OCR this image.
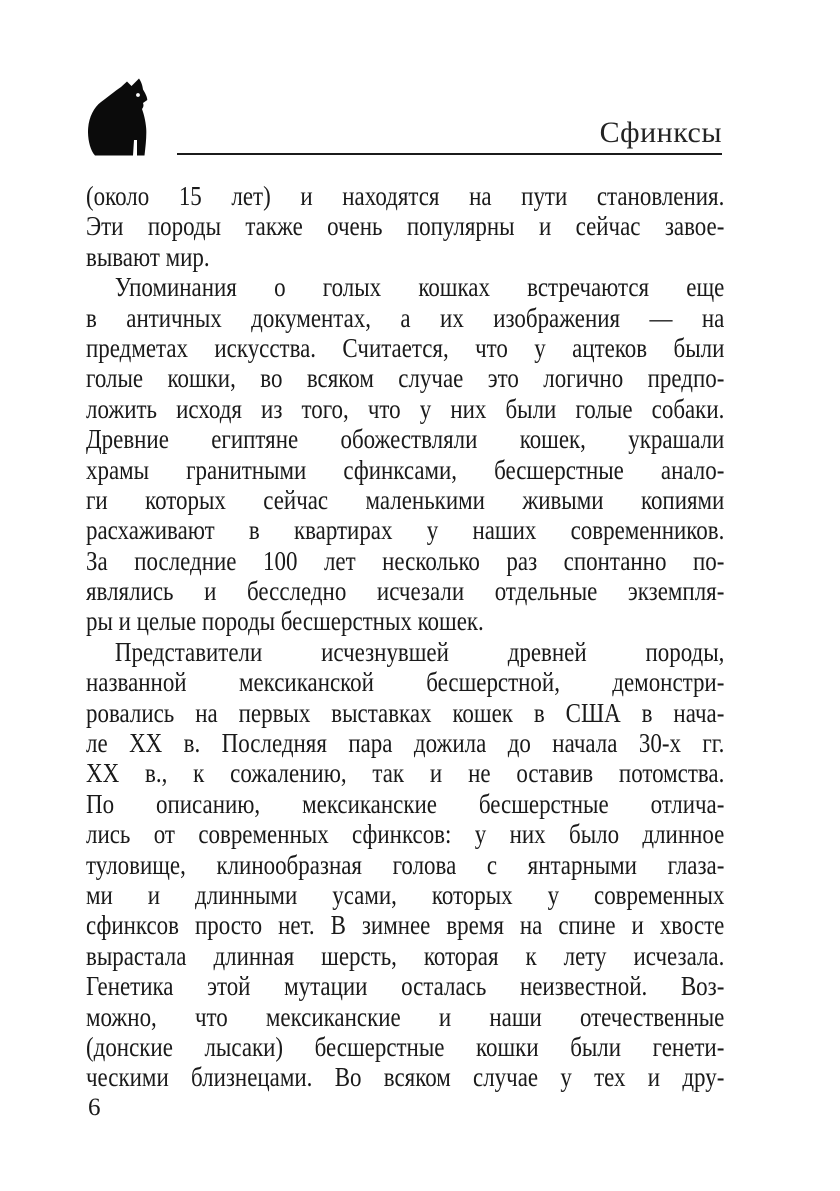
Сфинксы
(около 15 лет) и находятся на пути становления.
Эти породы также очень популярны и сейчас завое-
вывают мир.
Упоминания о голых кошках встречаются еще
в античных документах, а их изображения — на
предметах искусства. Считается, что у ацтеков были
голые кошки, во всяком случае это логично предпо-
ложить исходя из того, что у них были голые собаки.
Древние египтяне обожествляли кошек, украшали
храмы гранитными сфинксами, бесшерстные анало-
ги которых сейчас маленькими живыми копиями
расхаживают в квартирах у наших современников.
За последние 100 лет несколько раз спонтанно по-
являлись и бесследно исчезали отдельные экземпля-
ры и целые породы бесшерстных кошек.
Представители исчезнувшей древней породы,
названной мексиканской бесшерстной, демонстри-
ровались на первых выставках кошек в США в нача-
ле XX в. Последняя пара дожила до начала 30-х гг.
XX в., к сожалению, так и не оставив потомства.
По описанию, мексиканские бесшерстные отлича-
лись от современных сфинксов: у них было длинное
туловище, клинообразная голова с янтарными глаза-
ми и длинными усами, которых у современных
сфинксов просто нет. В зимнее время на спине и хвосте
вырастала длинная шерсть, которая к лету исчезала.
Генетика этой мутации осталась неизвестной. Воз-
можно, что мексиканские и наши отечественные
(донские лысаки) бесшерстные кошки были генети-
ческими близнецами. Во всяком случае у тех и дру-
6
